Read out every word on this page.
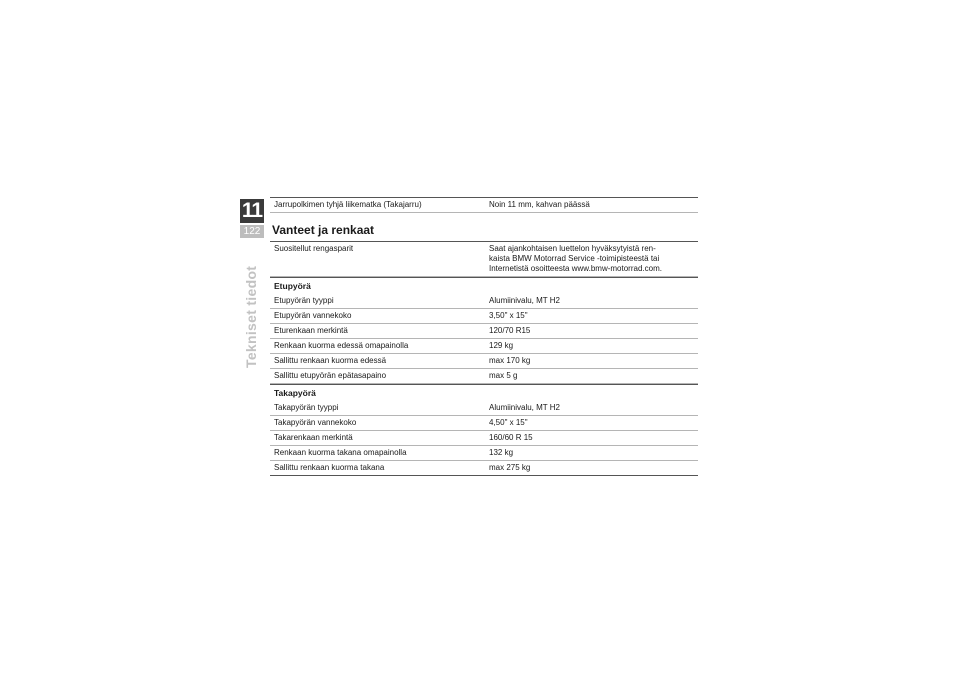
11
122
Tekniset tiedot
Jarrupolkimen tyhjä liikematka (Takajarru)	Noin 11 mm, kahvan päässä
Vanteet ja renkaat
Suositellut rengasparit	Saat ajankohtaisen luettelon hyväksytyistä ren-
kaista BMW Motorrad Service -toimipisteestä tai
Internetistä osoitteesta www.bmw-motorrad.com.
Etupyörä
Etupyörän tyyppi	Alumiinivalu, MT H2
Etupyörän vannekoko	3,50" x 15"
Eturenkaan merkintä	120/70 R15
Renkaan kuorma edessä omapainolla	129 kg
Sallittu renkaan kuorma edessä	max 170 kg
Sallittu etupyörän epätasapaino	max 5 g
Takapyörä
Takapyörän tyyppi	Alumiinivalu, MT H2
Takapyörän vannekoko	4,50" x 15"
Takarenkaan merkintä	160/60 R 15
Renkaan kuorma takana omapainolla	132 kg
Sallittu renkaan kuorma takana	max 275 kg
